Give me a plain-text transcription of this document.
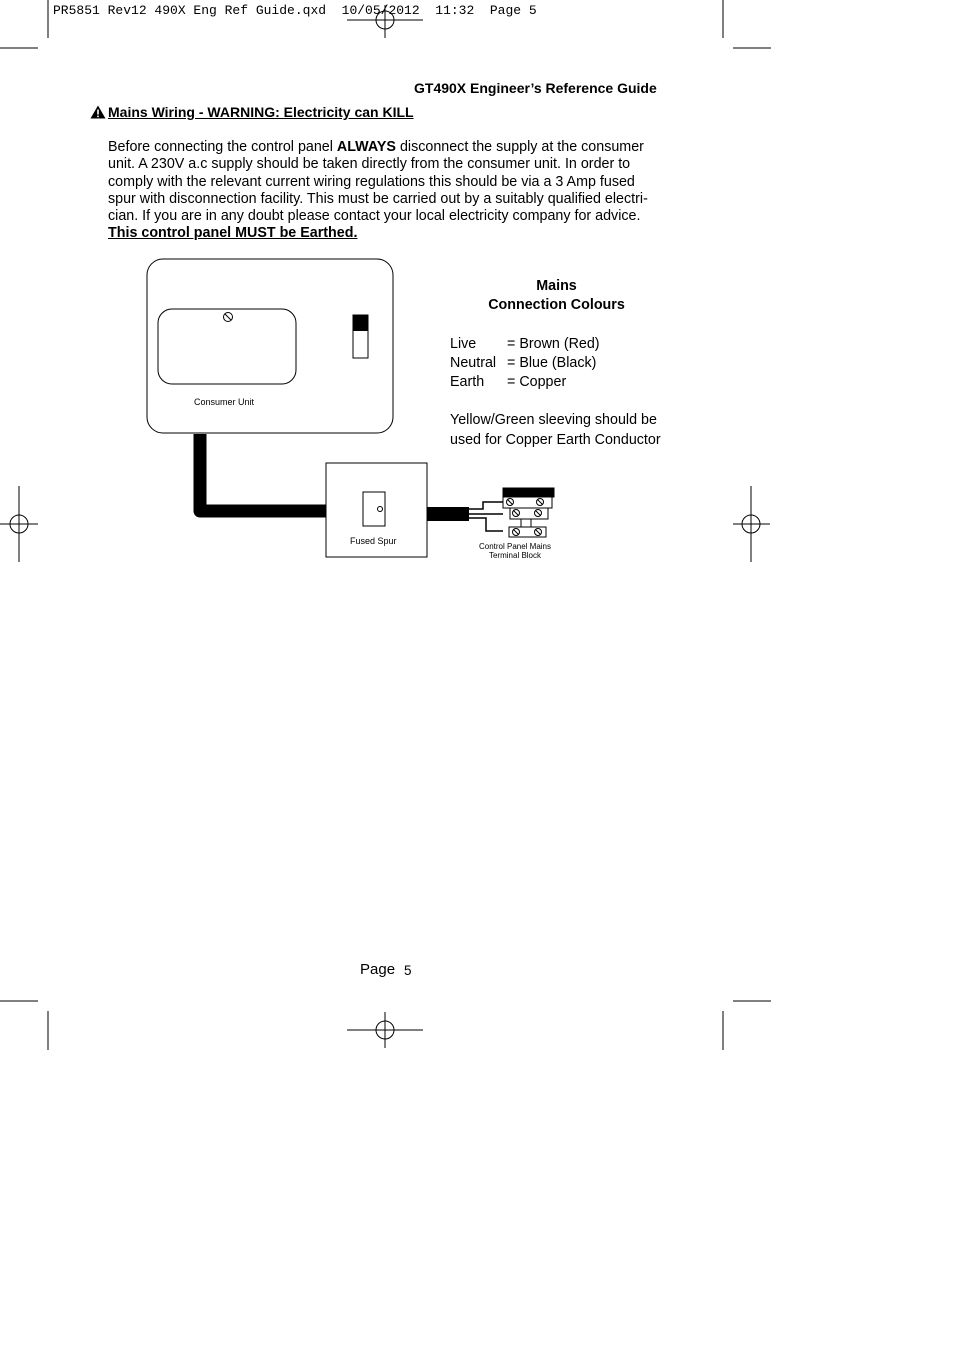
PR5851 Rev12 490X Eng Ref Guide.qxd  10/05/2012  11:32  Page 5
GT490X Engineer’s Reference Guide
Mains Wiring - WARNING: Electricity can KILL
Before connecting the control panel ALWAYS disconnect the supply at the consumer
unit. A 230V a.c supply should be taken directly from the consumer unit. In order to
comply with the relevant current wiring regulations this should be via a 3 Amp fused
spur with disconnection facility. This must be carried out by a suitably qualified electri-
cian. If you are in any doubt please contact your local electricity company for advice.
This control panel MUST be Earthed.
Mains
Connection Colours
Live	= Brown (Red)
Neutral = Blue (Black)
Earth	= Copper
Yellow/Green sleeving should be
used for Copper Earth Conductor
Consumer Unit
Fused Spur
Control Panel Mains
Terminal Block
Page 5
